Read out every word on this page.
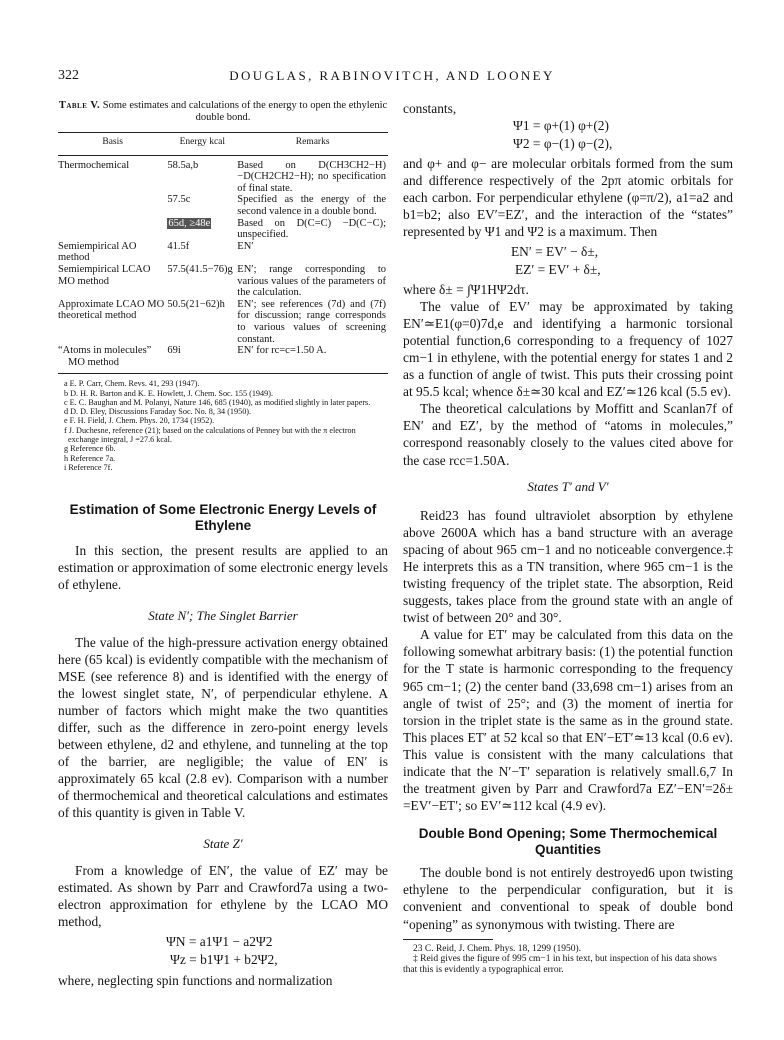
322	DOUGLAS, RABINOVITCH, AND LOONEY
Table V. Some estimates and calculations of the energy to open the ethylenic double bond.
Basis	Energy kcal	Remarks

Thermochemical	58.5a,b	Based on D(CH3CH2−H) −D(CH2CH2−H); no specification of final state.
	57.5c	Specified as the energy of the second valence in a double bond.
	65d, ≥48e	Based on D(C=C) −D(C−C); unspecified.
Semiempirical AO method	41.5f	EN′
Semiempirical LCAO MO method	57.5(41.5−76)g	EN′; range corresponding to various values of the parameters of the calculation.
Approximate LCAO MO theoretical method	50.5(21−62)h	EN′; see references (7d) and (7f) for discussion; range corresponds to various values of screening constant.

“Atoms in molecules”
MO method	69i	EN′ for rc=c=1.50 A.
a E. P. Carr, Chem. Revs. 41, 293 (1947).
b D. H. R. Barton and K. E. Howlett, J. Chem. Soc. 155 (1949).
c E. C. Baughan and M. Polanyi, Nature 146, 685 (1940), as modified slightly in later papers.
d D. D. Eley, Discussions Faraday Soc. No. 8, 34 (1950).
e F. H. Field, J. Chem. Phys. 20, 1734 (1952).
f J. Duchesne, reference (21); based on the calculations of Penney but with the π electron exchange integral, J =27.6 kcal.
g Reference 6b.
h Reference 7a.
i Reference 7f.
Estimation of Some Electronic Energy Levels of Ethylene

In this section, the present results are applied to an estimation or approximation of some electronic energy levels of ethylene.

State N′; The Singlet Barrier

The value of the high-pressure activation energy obtained here (65 kcal) is evidently compatible with the mechanism of MSE (see reference 8) and is identified with the energy of the lowest singlet state, N′, of perpendicular ethylene. A number of factors which might make the two quantities differ, such as the difference in zero-point energy levels between ethylene, d2 and ethylene, and tunneling at the top of the barrier, are negligible; the value of EN′ is approximately 65 kcal (2.8 ev). Comparison with a number of thermochemical and theoretical calculations and estimates of this quantity is given in Table V.

State Z′

From a knowledge of EN′, the value of EZ′ may be estimated. As shown by Parr and Crawford7a using a two-electron approximation for ethylene by the LCAO MO method,

ΨN = a1Ψ1 − a2Ψ2
Ψz = b1Ψ1 + b2Ψ2,

where, neglecting spin functions and normalization

constants,

Ψ1 = φ+(1) φ+(2)
Ψ2 = φ−(1) φ−(2),

and φ+ and φ− are molecular orbitals formed from the sum and difference respectively of the 2pπ atomic orbitals for each carbon. For perpendicular ethylene (φ=π/2), a1=a2 and b1=b2; also EV′=EZ′, and the interaction of the “states” represented by Ψ1 and Ψ2 is a maximum. Then

EN′ = EV′ − δ±,
EZ′ = EV′ + δ±,

where δ± = ∫Ψ1HΨ2dτ.

The value of EV′ may be approximated by taking EN′≃E1(φ=0)7d,e and identifying a harmonic torsional potential function,6 corresponding to a frequency of 1027 cm−1 in ethylene, with the potential energy for states 1 and 2 as a function of angle of twist. This puts their crossing point at 95.5 kcal; whence δ±≃30 kcal and EZ′≃126 kcal (5.5 ev).

The theoretical calculations by Moffitt and Scanlan7f of EN′ and EZ′, by the method of “atoms in molecules,” correspond reasonably closely to the values cited above for the case rcc=1.50A.

States T′ and V′

Reid23 has found ultraviolet absorption by ethylene above 2600A which has a band structure with an average spacing of about 965 cm−1 and no noticeable convergence.‡ He interprets this as a TN transition, where 965 cm−1 is the twisting frequency of the triplet state. The absorption, Reid suggests, takes place from the ground state with an angle of twist of between 20° and 30°.

A value for ET′ may be calculated from this data on the following somewhat arbitrary basis: (1) the potential function for the T state is harmonic corresponding to the frequency 965 cm−1; (2) the center band (33,698 cm−1) arises from an angle of twist of 25°; and (3) the moment of inertia for torsion in the triplet state is the same as in the ground state. This places ET′ at 52 kcal so that EN′−ET′≃13 kcal (0.6 ev). This value is consistent with the many calculations that indicate that the N′−T′ separation is relatively small.6,7 In the treatment given by Parr and Crawford7a EZ′−EN′=2δ± =EV′−ET′; so EV′≃112 kcal (4.9 ev).

Double Bond Opening; Some Thermochemical Quantities

The double bond is not entirely destroyed6 upon twisting ethylene to the perpendicular configuration, but it is convenient and conventional to speak of double bond “opening” as synonymous with twisting. There are

23 C. Reid, J. Chem. Phys. 18, 1299 (1950).
‡ Reid gives the figure of 995 cm−1 in his text, but inspection of his data shows that this is evidently a typographical error.
